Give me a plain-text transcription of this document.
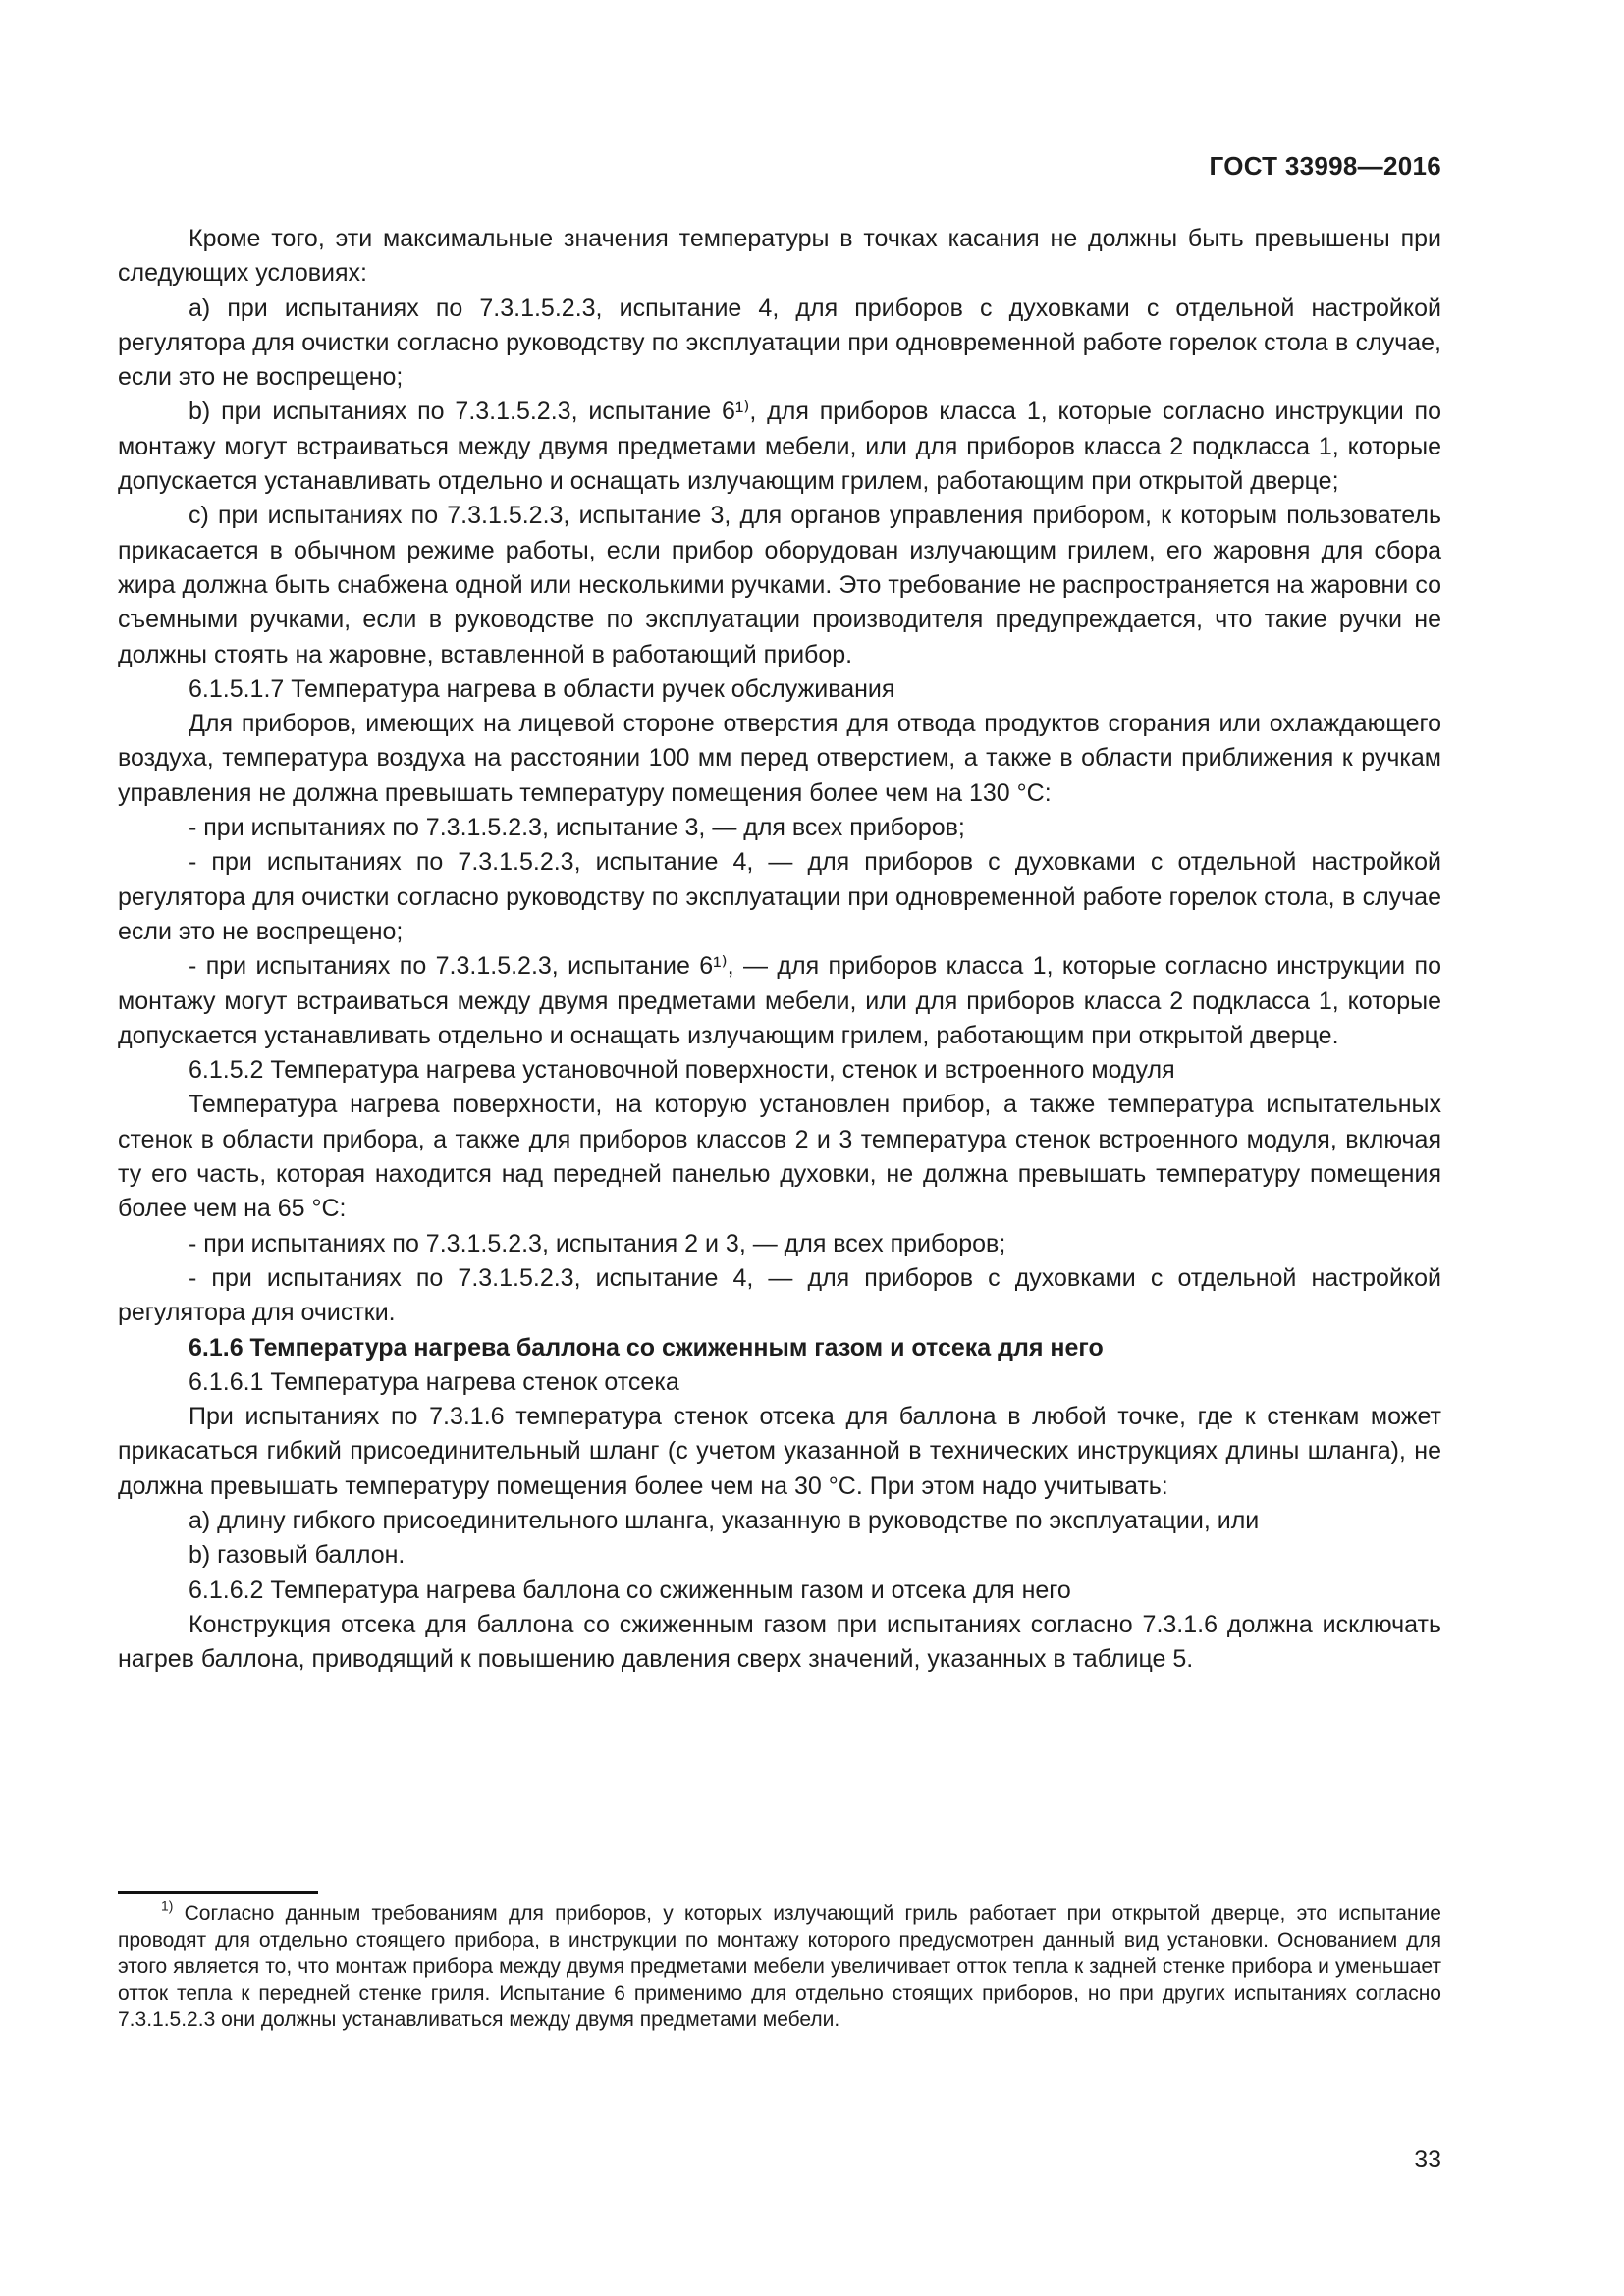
ГОСТ 33998—2016

Кроме того, эти максимальные значения температуры в точках касания не должны быть превышены при следующих условиях:

a) при испытаниях по 7.3.1.5.2.3, испытание 4, для приборов с духовками с отдельной настройкой регулятора для очистки согласно руководству по эксплуатации при одновременной работе горелок стола в случае, если это не воспрещено;

b) при испытаниях по 7.3.1.5.2.3, испытание 6¹⁾, для приборов класса 1, которые согласно инструкции по монтажу могут встраиваться между двумя предметами мебели, или для приборов класса 2 подкласса 1, которые допускается устанавливать отдельно и оснащать излучающим грилем, работающим при открытой дверце;

c) при испытаниях по 7.3.1.5.2.3, испытание 3, для органов управления прибором, к которым пользователь прикасается в обычном режиме работы, если прибор оборудован излучающим грилем, его жаровня для сбора жира должна быть снабжена одной или несколькими ручками. Это требование не распространяется на жаровни со съемными ручками, если в руководстве по эксплуатации производителя предупреждается, что такие ручки не должны стоять на жаровне, вставленной в работающий прибор.

6.1.5.1.7 Температура нагрева в области ручек обслуживания

Для приборов, имеющих на лицевой стороне отверстия для отвода продуктов сгорания или охлаждающего воздуха, температура воздуха на расстоянии 100 мм перед отверстием, а также в области приближения к ручкам управления не должна превышать температуру помещения более чем на 130 °C:

- при испытаниях по 7.3.1.5.2.3, испытание 3, — для всех приборов;

- при испытаниях по 7.3.1.5.2.3, испытание 4, — для приборов с духовками с отдельной настройкой регулятора для очистки согласно руководству по эксплуатации при одновременной работе горелок стола, в случае если это не воспрещено;

- при испытаниях по 7.3.1.5.2.3, испытание 6¹⁾, — для приборов класса 1, которые согласно инструкции по монтажу могут встраиваться между двумя предметами мебели, или для приборов класса 2 подкласса 1, которые допускается устанавливать отдельно и оснащать излучающим грилем, работающим при открытой дверце.

6.1.5.2 Температура нагрева установочной поверхности, стенок и встроенного модуля

Температура нагрева поверхности, на которую установлен прибор, а также температура испытательных стенок в области прибора, а также для приборов классов 2 и 3 температура стенок встроенного модуля, включая ту его часть, которая находится над передней панелью духовки, не должна превышать температуру помещения более чем на 65 °C:

- при испытаниях по 7.3.1.5.2.3, испытания 2 и 3, — для всех приборов;

- при испытаниях по 7.3.1.5.2.3, испытание 4, — для приборов с духовками с отдельной настройкой регулятора для очистки.

6.1.6 Температура нагрева баллона со сжиженным газом и отсека для него

6.1.6.1 Температура нагрева стенок отсека

При испытаниях по 7.3.1.6 температура стенок отсека для баллона в любой точке, где к стенкам может прикасаться гибкий присоединительный шланг (с учетом указанной в технических инструкциях длины шланга), не должна превышать температуру помещения более чем на 30 °C. При этом надо учитывать:

a) длину гибкого присоединительного шланга, указанную в руководстве по эксплуатации, или

b) газовый баллон.

6.1.6.2 Температура нагрева баллона со сжиженным газом и отсека для него

Конструкция отсека для баллона со сжиженным газом при испытаниях согласно 7.3.1.6 должна исключать нагрев баллона, приводящий к повышению давления сверх значений, указанных в таблице 5.

$^{1)}$ Согласно данным требованиям для приборов, у которых излучающий гриль работает при открытой дверце, это испытание проводят для отдельно стоящего прибора, в инструкции по монтажу которого предусмотрен данный вид установки. Основанием для этого является то, что монтаж прибора между двумя предметами мебели увеличивает отток тепла к задней стенке прибора и уменьшает отток тепла к передней стенке гриля. Испытание 6 применимо для отдельно стоящих приборов, но при других испытаниях согласно 7.3.1.5.2.3 они должны устанавливаться между двумя предметами мебели.

33
